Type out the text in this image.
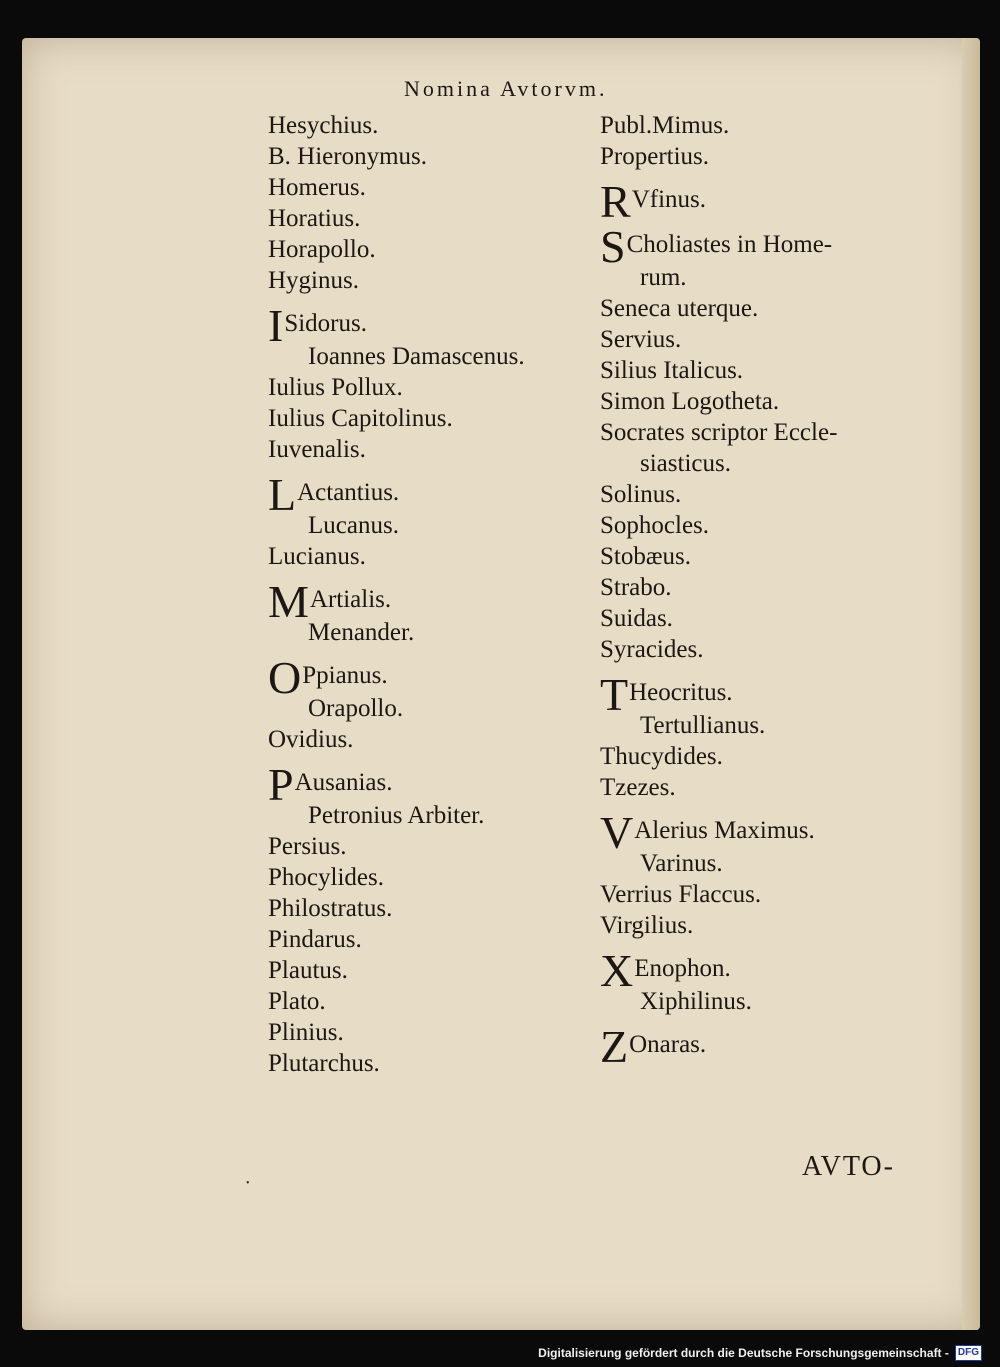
Nomina Avtorvm.
Hesychius.
B. Hieronymus.
Homerus.
Horatius.
Horapollo.
Hyginus.
ISidorus.
Ioannes Damascenus.
Iulius Pollux.
Iulius Capitolinus.
Iuvenalis.
LActantius.
Lucanus.
Lucianus.
MArtialis.
Menander.
OPpianus.
Orapollo.
Ovidius.
PAusanias.
Petronius Arbiter.
Persius.
Phocylides.
Philostratus.
Pindarus.
Plautus.
Plato.
Plinius.
Plutarchus.
Publ.Mimus.
Propertius.
RVfinus.
SCholiastes in Home-
rum.
Seneca uterque.
Servius.
Silius Italicus.
Simon Logotheta.
Socrates scriptor Eccle-
siasticus.
Solinus.
Sophocles.
Stobæus.
Strabo.
Suidas.
Syracides.
THeocritus.
Tertullianus.
Thucydides.
Tzezes.
VAlerius Maximus.
Varinus.
Verrius Flaccus.
Virgilius.
XEnophon.
Xiphilinus.
ZOnaras.
AVTO-
•
Digitalisierung gefördert durch die Deutsche Forschungsgemeinschaft - DFG
